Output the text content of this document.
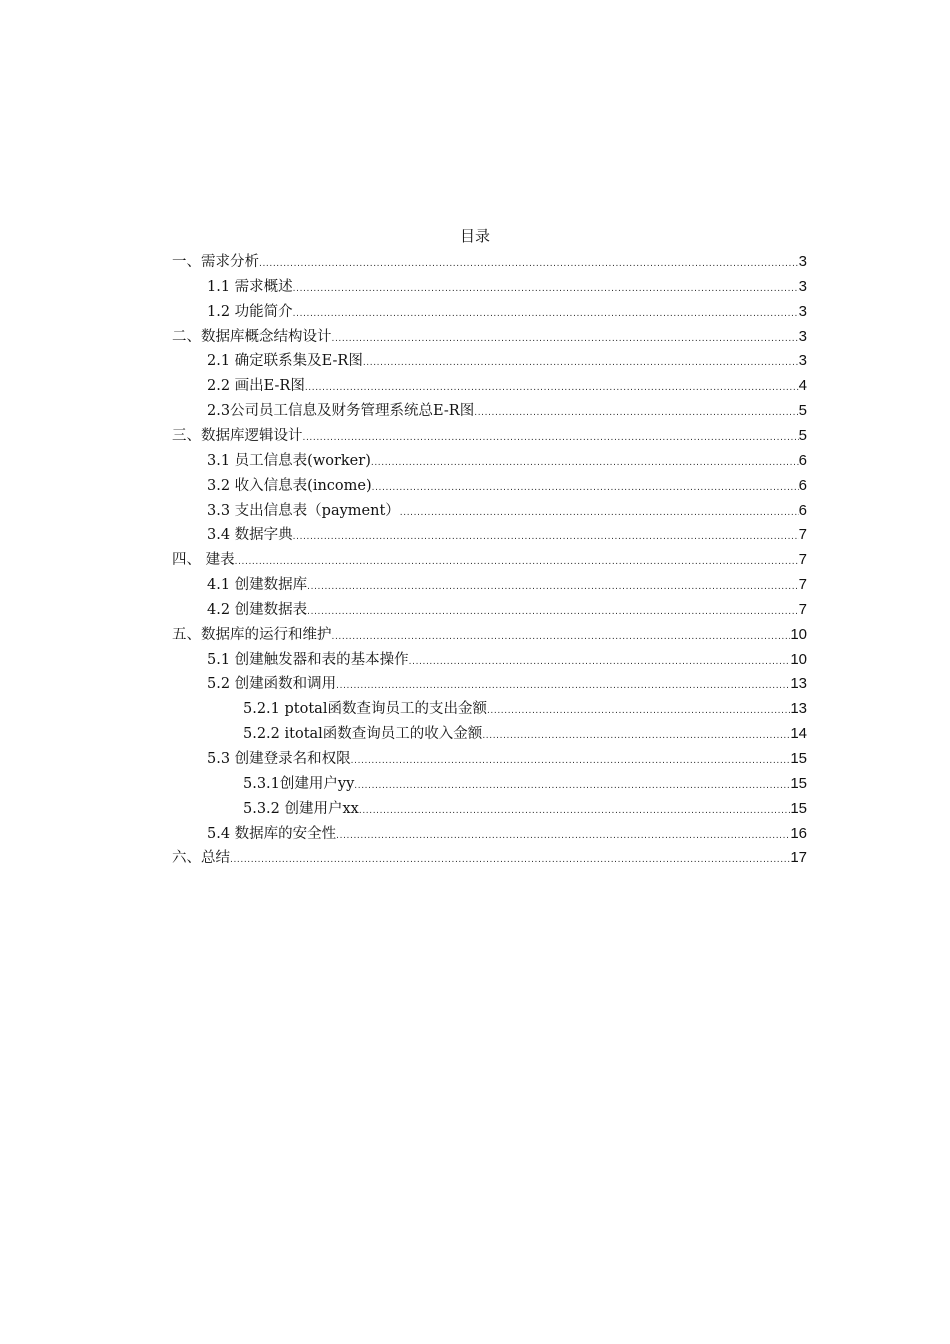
目录
一、需求分析 .....	3
1.1 需求概述 .....	3
1.2 功能简介 .....	3
二、数据库概念结构设计 .....	3
2.1 确定联系集及E-R图 .....	3
2.2 画出E-R图 .....	4
2.3公司员工信息及财务管理系统总E-R图 .....	5
三、数据库逻辑设计 .....	5
3.1 员工信息表(worker) .....	6
3.2 收入信息表(income) .....	6
3.3 支出信息表（payment） .....	6
3.4 数据字典 .....	7
四、 建表 .....	7
4.1 创建数据库 .....	7
4.2 创建数据表 .....	7
五、数据库的运行和维护 .....	10
5.1 创建触发器和表的基本操作 .....	10
5.2 创建函数和调用 .....	13
5.2.1 ptotal函数查询员工的支出金额 .....	13
5.2.2 itotal函数查询员工的收入金额 .....	14
5.3 创建登录名和权限 .....	15
5.3.1创建用户yy .....	15
5.3.2 创建用户xx .....	15
5.4 数据库的安全性 .....	16
六、总结 .....	17
